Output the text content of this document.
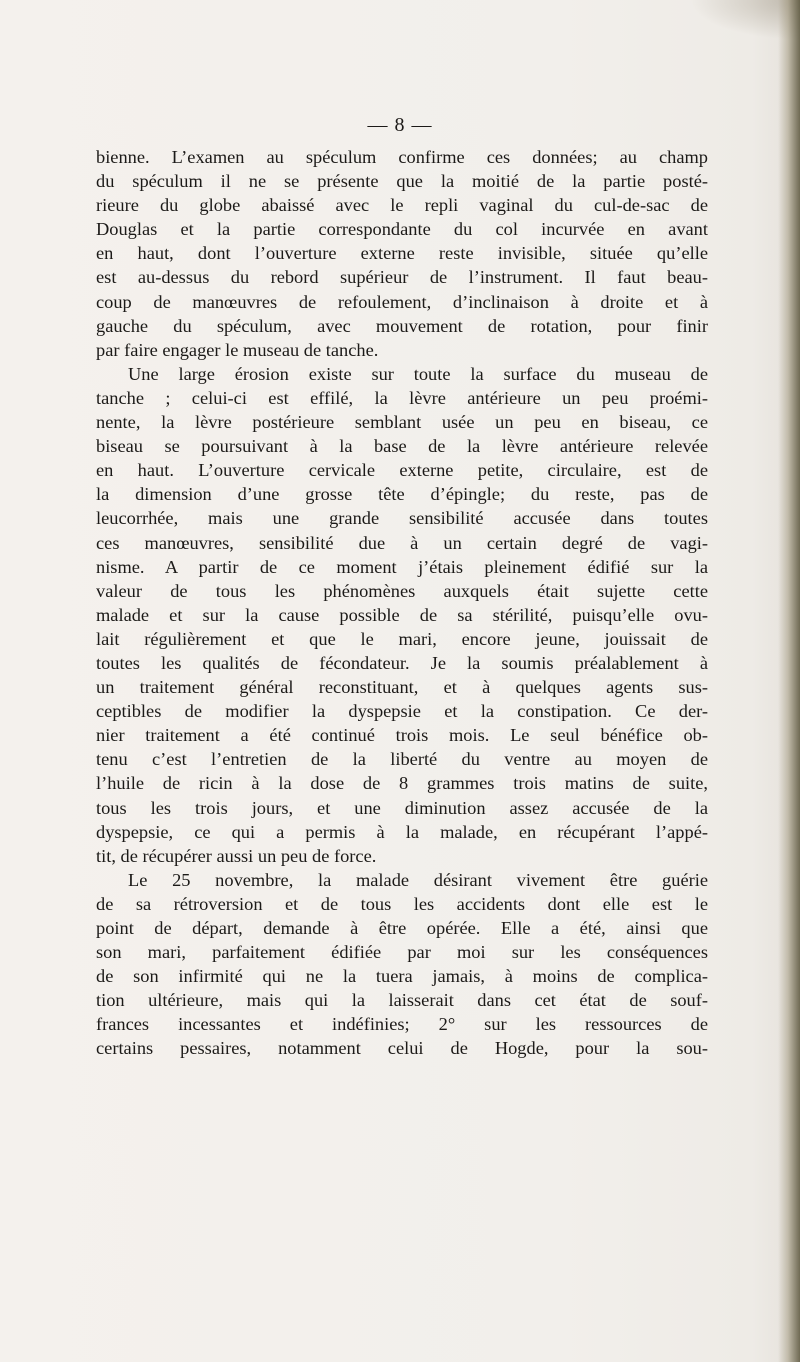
— 8 —
bienne. L’examen au spéculum confirme ces données; au champ
du spéculum il ne se présente que la moitié de la partie posté-
rieure du globe abaissé avec le repli vaginal du cul-de-sac de
Douglas et la partie correspondante du col incurvée en avant
en haut, dont l’ouverture externe reste invisible, située qu’elle
est au-dessus du rebord supérieur de l’instrument. Il faut beau-
coup de manœuvres de refoulement, d’inclinaison à droite et à
gauche du spéculum, avec mouvement de rotation, pour finir
par faire engager le museau de tanche.
Une large érosion existe sur toute la surface du museau de
tanche ; celui-ci est effilé, la lèvre antérieure un peu proémi-
nente, la lèvre postérieure semblant usée un peu en biseau, ce
biseau se poursuivant à la base de la lèvre antérieure relevée
en haut. L’ouverture cervicale externe petite, circulaire, est de
la dimension d’une grosse tête d’épingle; du reste, pas de
leucorrhée, mais une grande sensibilité accusée dans toutes
ces manœuvres, sensibilité due à un certain degré de vagi-
nisme. A partir de ce moment j’étais pleinement édifié sur la
valeur de tous les phénomènes auxquels était sujette cette
malade et sur la cause possible de sa stérilité, puisqu’elle ovu-
lait régulièrement et que le mari, encore jeune, jouissait de
toutes les qualités de fécondateur. Je la soumis préalablement à
un traitement général reconstituant, et à quelques agents sus-
ceptibles de modifier la dyspepsie et la constipation. Ce der-
nier traitement a été continué trois mois. Le seul bénéfice ob-
tenu c’est l’entretien de la liberté du ventre au moyen de
l’huile de ricin à la dose de 8 grammes trois matins de suite,
tous les trois jours, et une diminution assez accusée de la
dyspepsie, ce qui a permis à la malade, en récupérant l’appé-
tit, de récupérer aussi un peu de force.
Le 25 novembre, la malade désirant vivement être guérie
de sa rétroversion et de tous les accidents dont elle est le
point de départ, demande à être opérée. Elle a été, ainsi que
son mari, parfaitement édifiée par moi sur les conséquences
de son infirmité qui ne la tuera jamais, à moins de complica-
tion ultérieure, mais qui la laisserait dans cet état de souf-
frances incessantes et indéfinies; 2° sur les ressources de
certains pessaires, notamment celui de Hogde, pour la sou-
